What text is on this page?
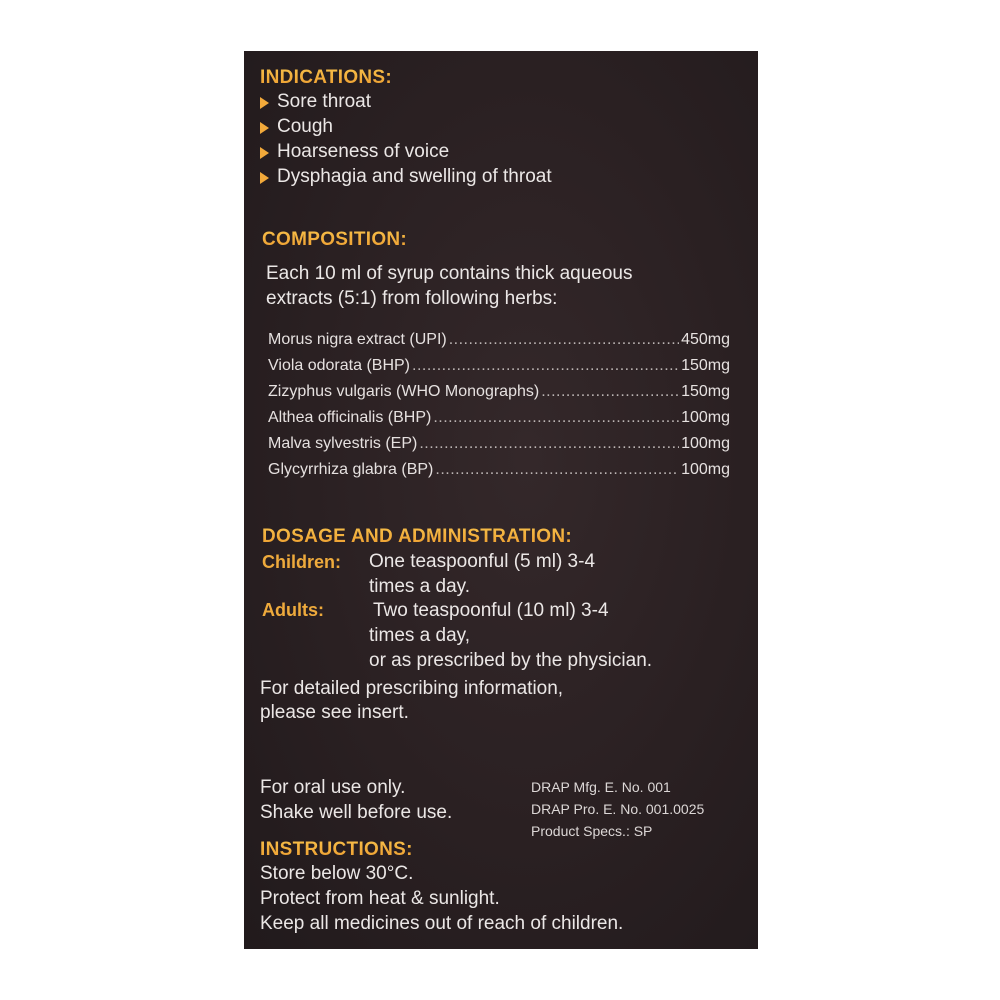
INDICATIONS:
Sore throat
Cough
Hoarseness of voice
Dysphagia and swelling of throat
COMPOSITION:
Each 10 ml of syrup contains thick aqueous
extracts (5:1) from following herbs:
Morus nigra extract (UPI) .....	450mg
Viola odorata (BHP) .....	150mg
Zizyphus vulgaris (WHO Monographs) .....	150mg
Althea officinalis (BHP) .....	100mg
Malva sylvestris (EP) .....	100mg
Glycyrrhiza glabra (BP) .....	100mg
DOSAGE AND ADMINISTRATION:
Children: One teaspoonful (5 ml) 3-4
times a day.
Adults:	Two teaspoonful (10 ml) 3-4
times a day,
or as prescribed by the physician.
For detailed prescribing information,
please see insert.
For oral use only.
Shake well before use.
DRAP Mfg. E. No. 001
DRAP Pro. E. No. 001.0025
Product Specs.: SP
INSTRUCTIONS:
Store below 30°C.
Protect from heat & sunlight.
Keep all medicines out of reach of children.
